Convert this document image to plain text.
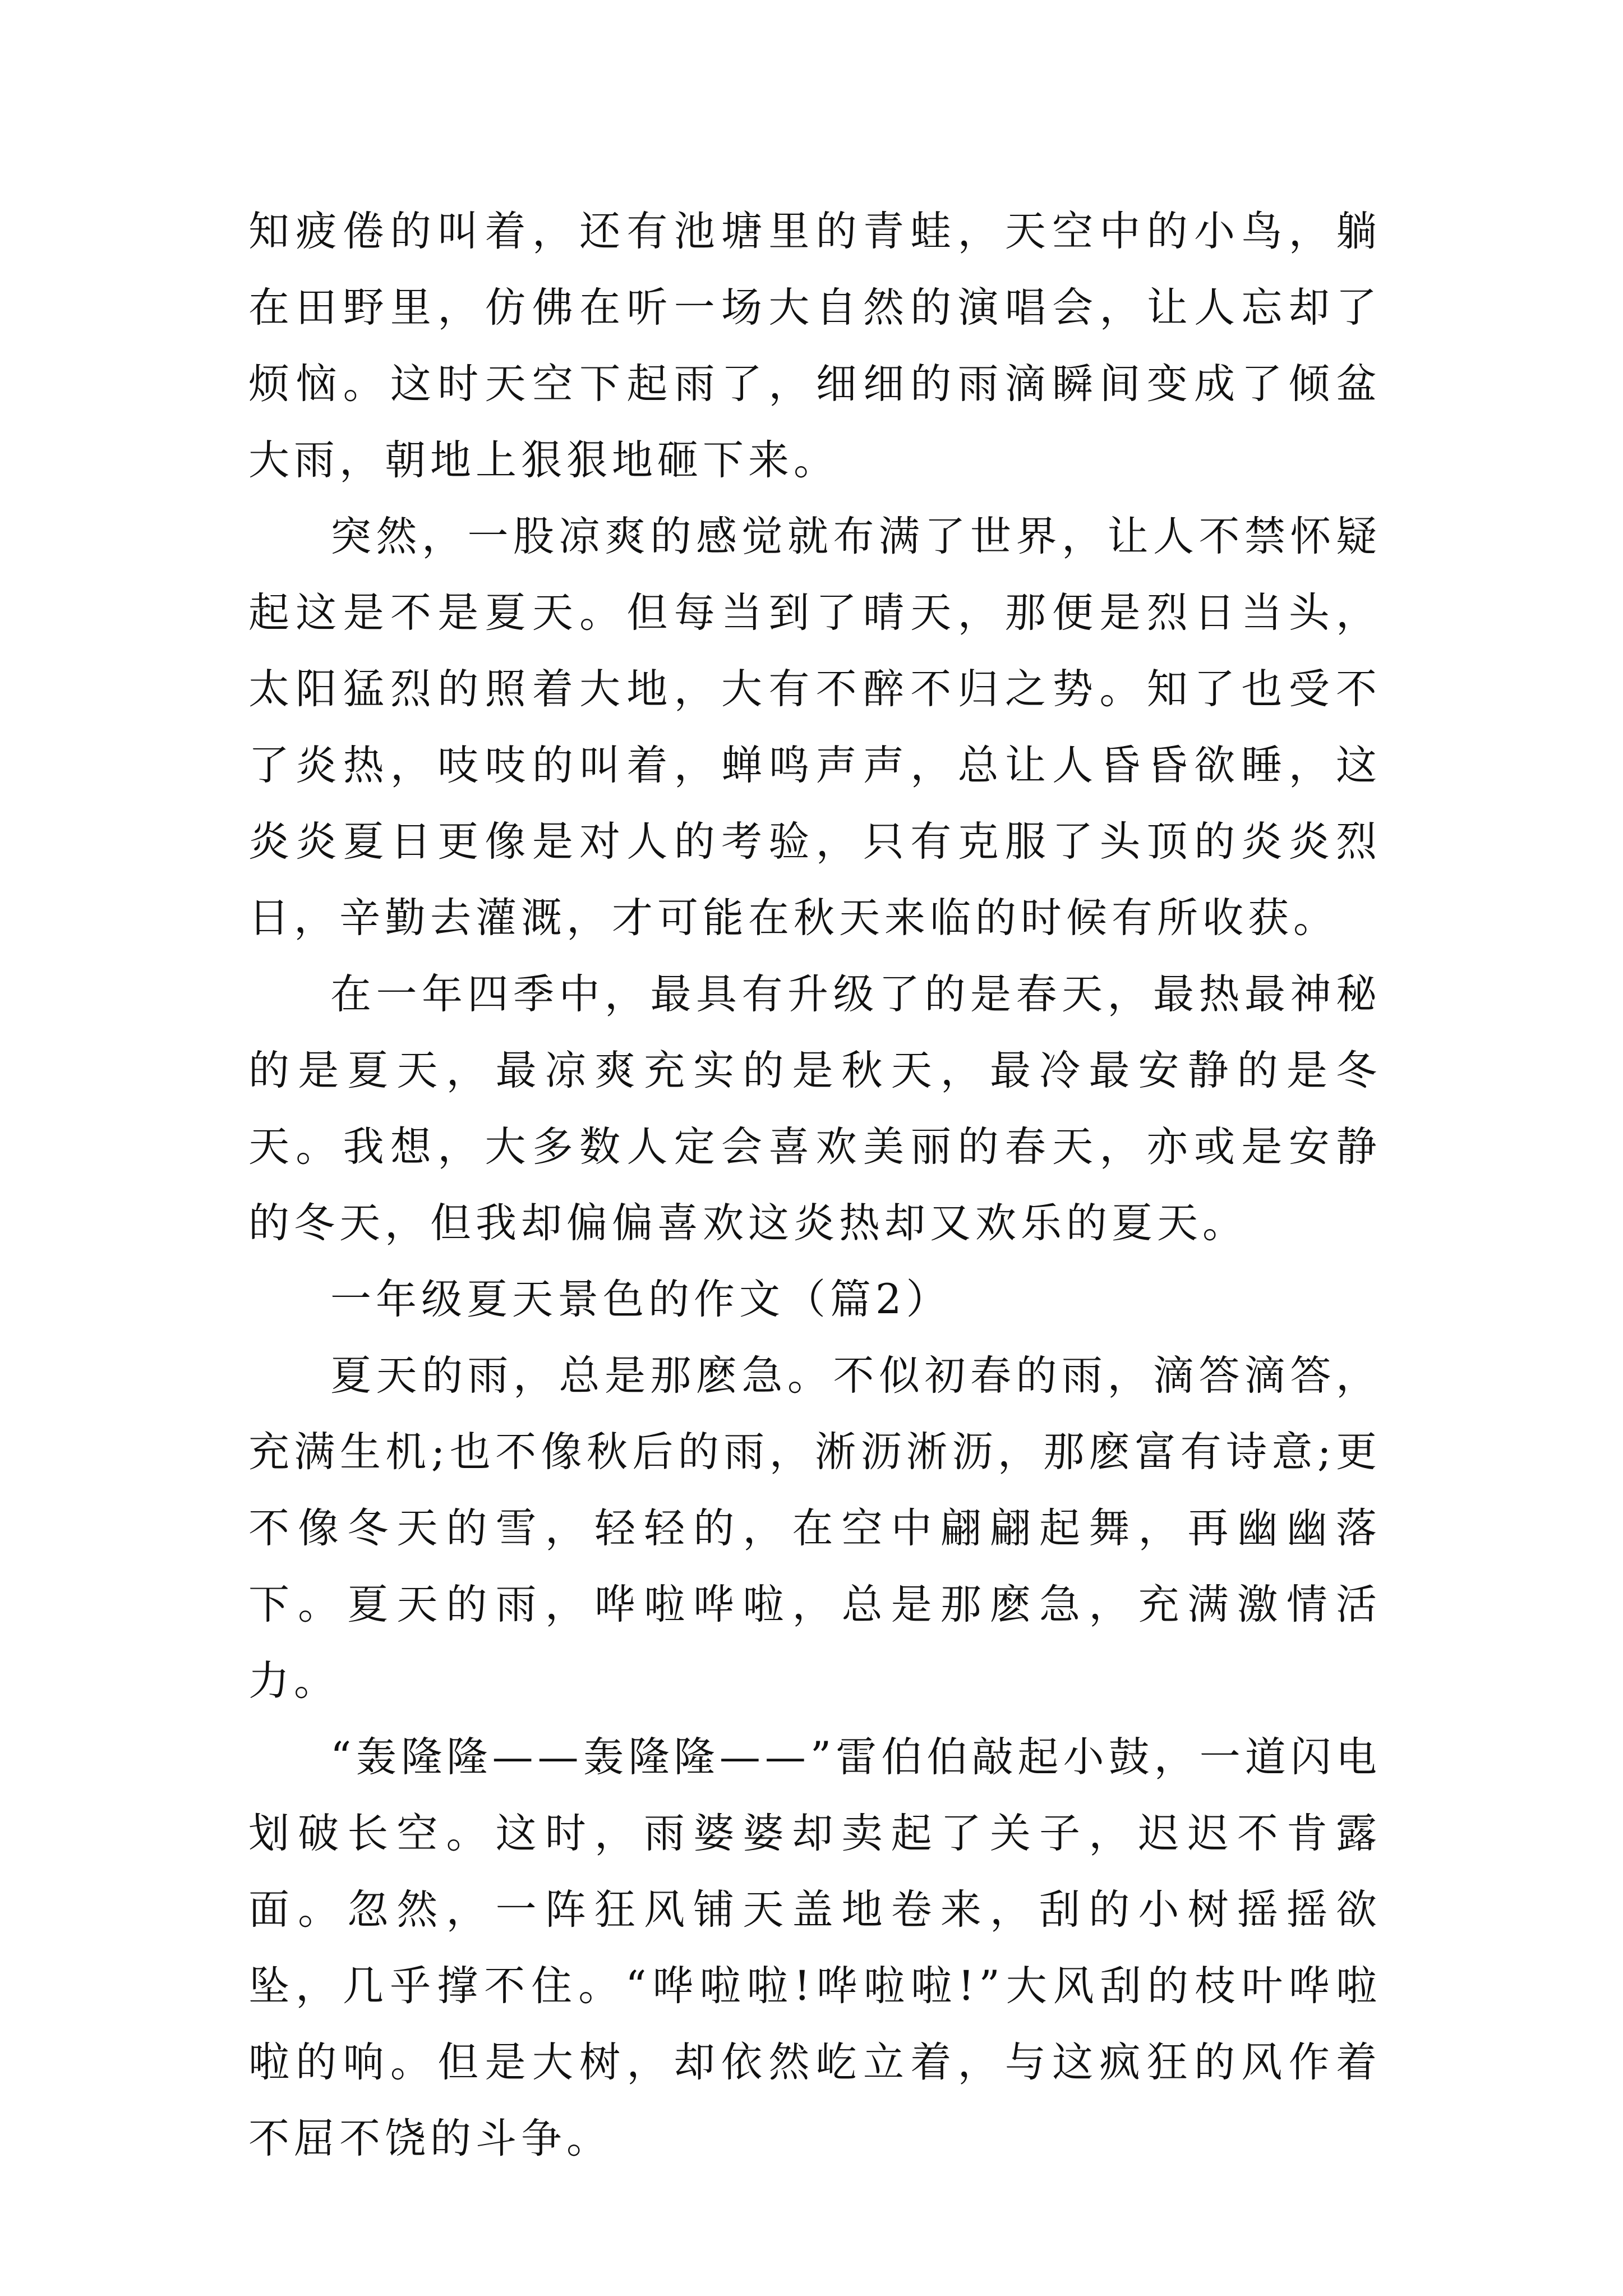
知疲倦的叫着，还有池塘里的青蛙，天空中的小鸟，躺在田野里，仿佛在听一场大自然的演唱会，让人忘却了烦恼。这时天空下起雨了，细细的雨滴瞬间变成了倾盆大雨，朝地上狠狠地砸下来。

突然，一股凉爽的感觉就布满了世界，让人不禁怀疑起这是不是夏天。但每当到了晴天，那便是烈日当头，太阳猛烈的照着大地，大有不醉不归之势。知了也受不了炎热，吱吱的叫着，蝉鸣声声，总让人昏昏欲睡，这炎炎夏日更像是对人的考验，只有克服了头顶的炎炎烈日，辛勤去灌溉，才可能在秋天来临的时候有所收获。

在一年四季中，最具有升级了的是春天，最热最神秘的是夏天，最凉爽充实的是秋天，最冷最安静的是冬天。我想，大多数人定会喜欢美丽的春天，亦或是安静的冬天，但我却偏偏喜欢这炎热却又欢乐的夏天。

一年级夏天景色的作文（篇2）

夏天的雨，总是那麽急。不似初春的雨，滴答滴答，充满生机;也不像秋后的雨，淅沥淅沥，那麽富有诗意;更不像冬天的雪，轻轻的，在空中翩翩起舞，再幽幽落下。夏天的雨，哗啦哗啦，总是那麽急，充满激情活力。

“轰隆隆——轰隆隆——”雷伯伯敲起小鼓，一道闪电划破长空。这时，雨婆婆却卖起了关子，迟迟不肯露面。忽然，一阵狂风铺天盖地卷来，刮的小树摇摇欲坠，几乎撑不住。“哗啦啦!哗啦啦!”大风刮的枝叶哗啦啦的响。但是大树，却依然屹立着，与这疯狂的风作着不屈不饶的斗争。
